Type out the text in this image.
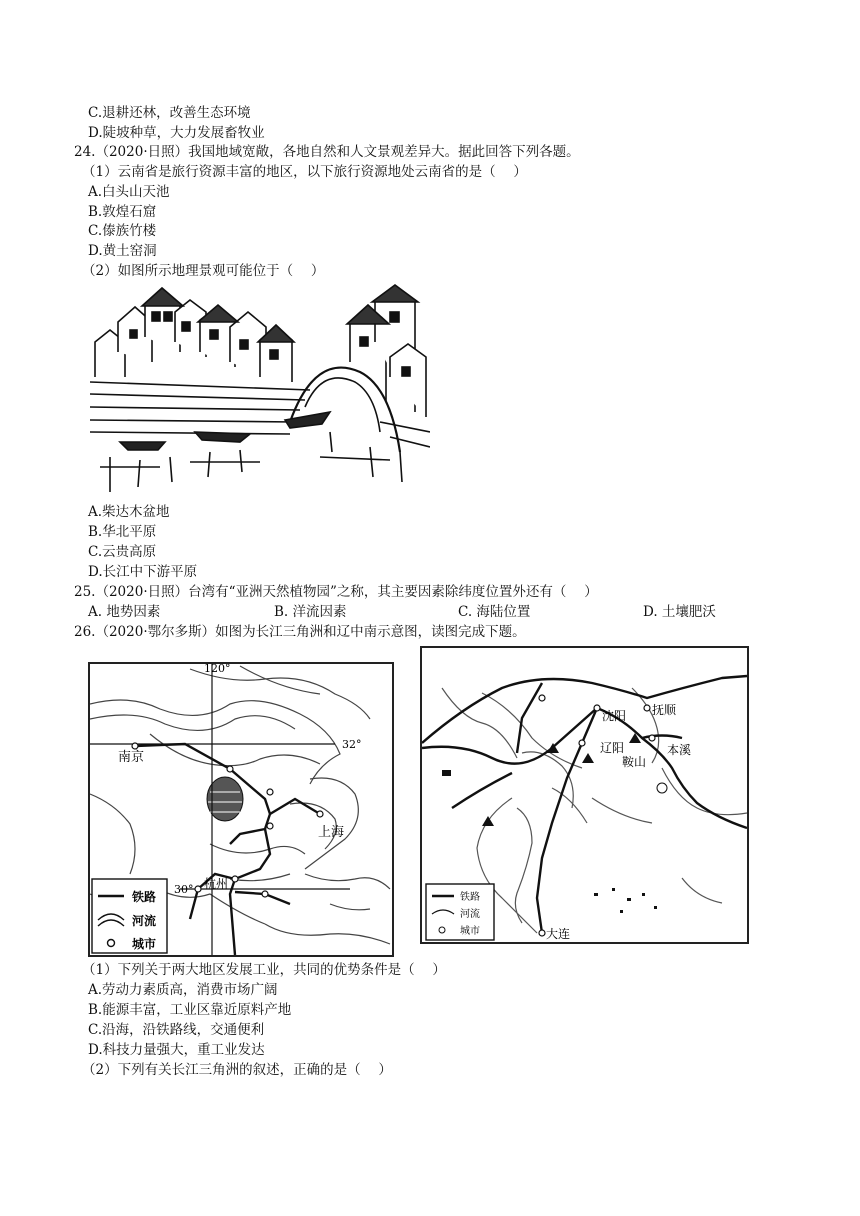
C.退耕还林，改善生态环境
D.陡坡种草，大力发展畜牧业
24.（2020·日照）我国地域宽敞，各地自然和人文景观差异大。据此回答下列各题。
（1）云南省是旅行资源丰富的地区，以下旅行资源地处云南省的是（　 ）
A.白头山天池
B.敦煌石窟
C.傣族竹楼
D.黄土窑洞
（2）如图所示地理景观可能位于（　 ）
A.柴达木盆地
B.华北平原
C.云贵高原
D.长江中下游平原
25.（2020·日照）台湾有“亚洲天然植物园”之称，其主要因素除纬度位置外还有（　 ）
A. 地势因素	B. 洋流因素	C. 海陆位置	D. 土壤肥沃
26.（2020·鄂尔多斯）如图为长江三角洲和辽中南示意图，读图完成下题。
120°
32°
30°
南京
上海
杭州
铁路
河流
城市
沈阳 抚顺
辽阳	本溪
鞍山
大连
铁路
河流
城市
（1）下列关于两大地区发展工业，共同的优势条件是（　 ）
A.劳动力素质高，消费市场广阔
B.能源丰富，工业区靠近原料产地
C.沿海，沿铁路线，交通便利
D.科技力量强大，重工业发达
（2）下列有关长江三角洲的叙述，正确的是（　 ）
